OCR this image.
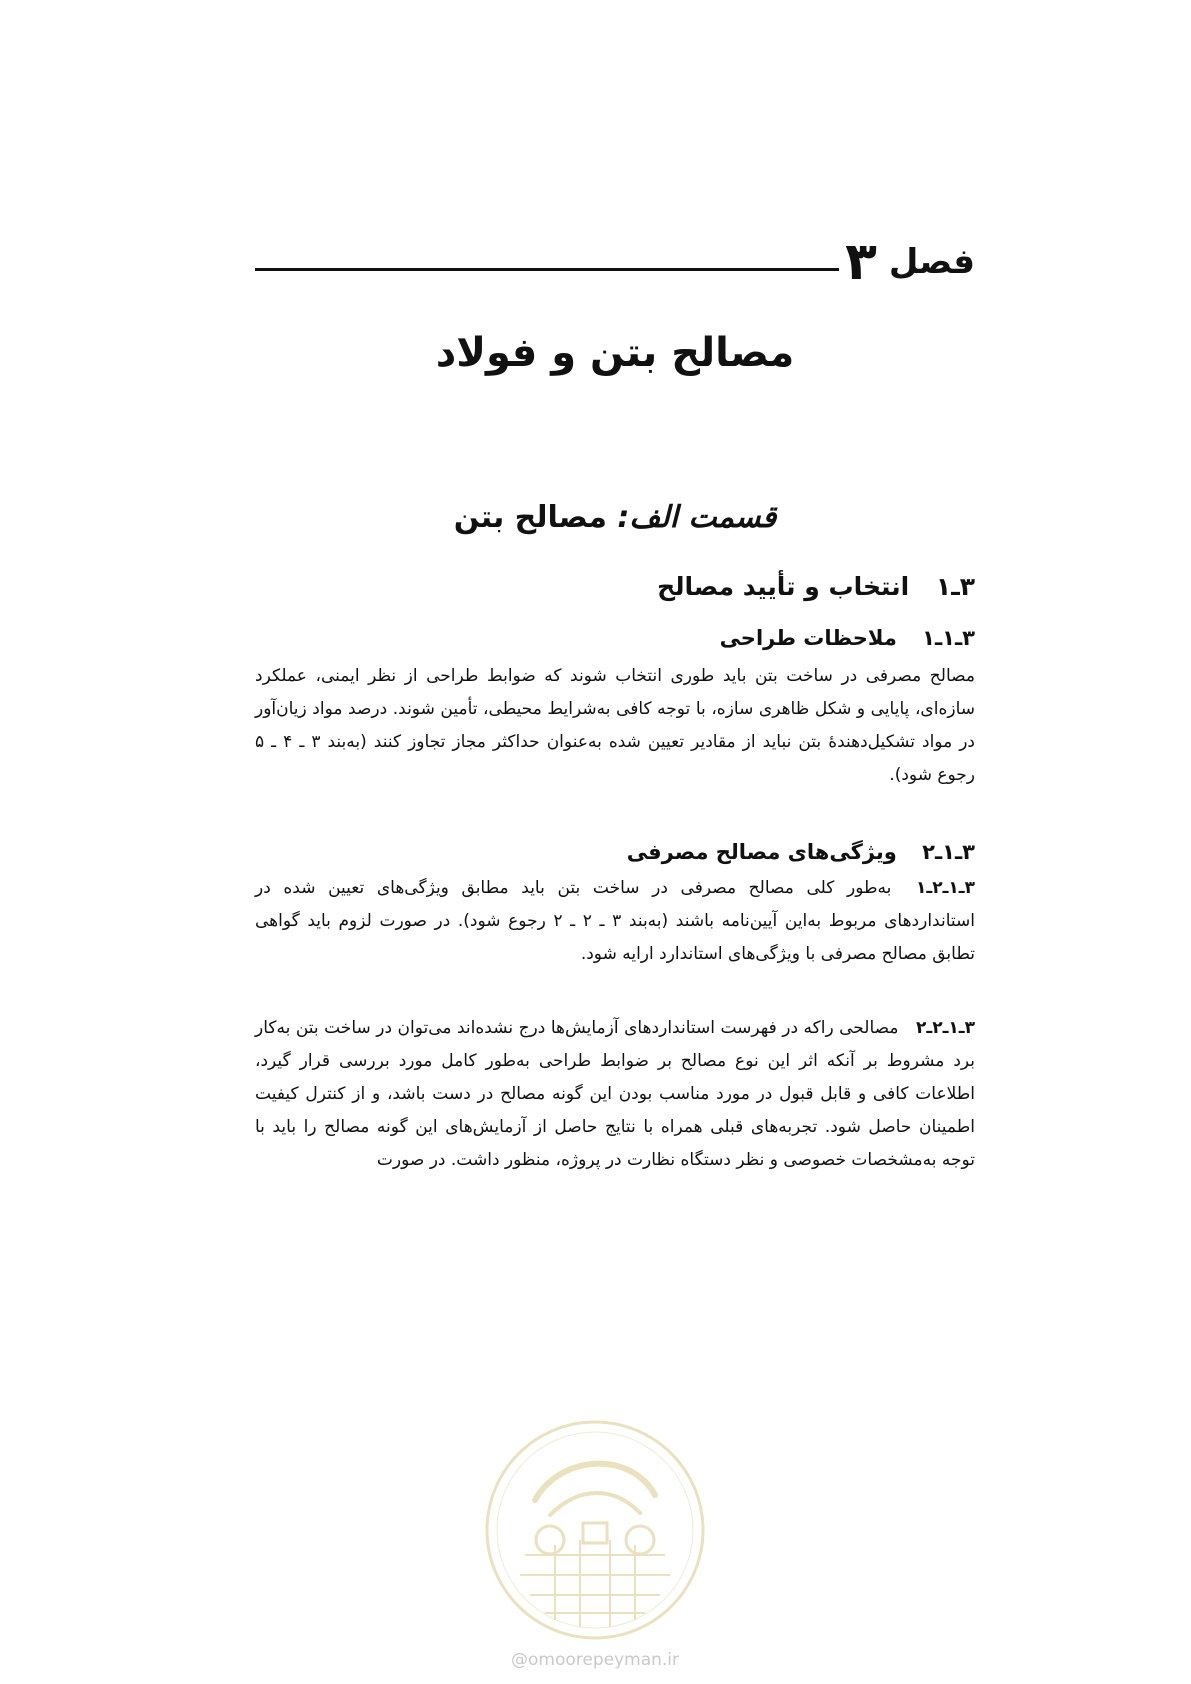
فصل
۳
مصالح بتن و فولاد
قسمت الف: مصالح بتن
۳ـ۱ انتخاب و تأیید مصالح
۳ـ۱ـ۱ ملاحظات طراحی

مصالح مصرفی در ساخت بتن باید طوری انتخاب شوند که ضوابط طراحی از نظر ایمنی، عملکرد سازه‌ای، پایایی و شکل ظاهری سازه، با توجه کافی به‌شرایط محیطی، تأمین شوند. درصد مواد زیان‌آور در مواد تشکیل‌دهندهٔ بتن نباید از مقادیر تعیین شده به‌عنوان حداکثر مجاز تجاوز کنند (به‌بند ۳ ـ ۴ ـ ۵ رجوع شود).

۳ـ۱ـ۲ ویژگی‌های مصالح مصرفی

۳ـ۱ـ۲ـ۱ به‌طور کلی مصالح مصرفی در ساخت بتن باید مطابق ویژگی‌های تعیین شده در استانداردهای مربوط به‌این آیین‌نامه باشند (به‌بند ۳ ـ ۲ ـ ۲ رجوع شود). در صورت لزوم باید گواهی تطابق مصالح مصرفی با ویژگی‌های استاندارد ارایه شود.

۳ـ۱ـ۲ـ۲ مصالحی راکه در فهرست استانداردهای آزمایش‌ها درج نشده‌اند می‌توان در ساخت بتن به‌کار برد مشروط بر آنکه اثر این نوع مصالح بر ضوابط طراحی به‌طور کامل مورد بررسی قرار گیرد، اطلاعات کافی و قابل قبول در مورد مناسب بودن این گونه مصالح در دست باشد، و از کنترل کیفیت اطمینان حاصل شود. تجربه‌های قبلی همراه با نتایج حاصل از آزمایش‌های این گونه مصالح را باید با توجه به‌مشخصات خصوصی و نظر دستگاه نظارت در پروژه، منظور داشت. در صورت

@omoorepeyman.ir
